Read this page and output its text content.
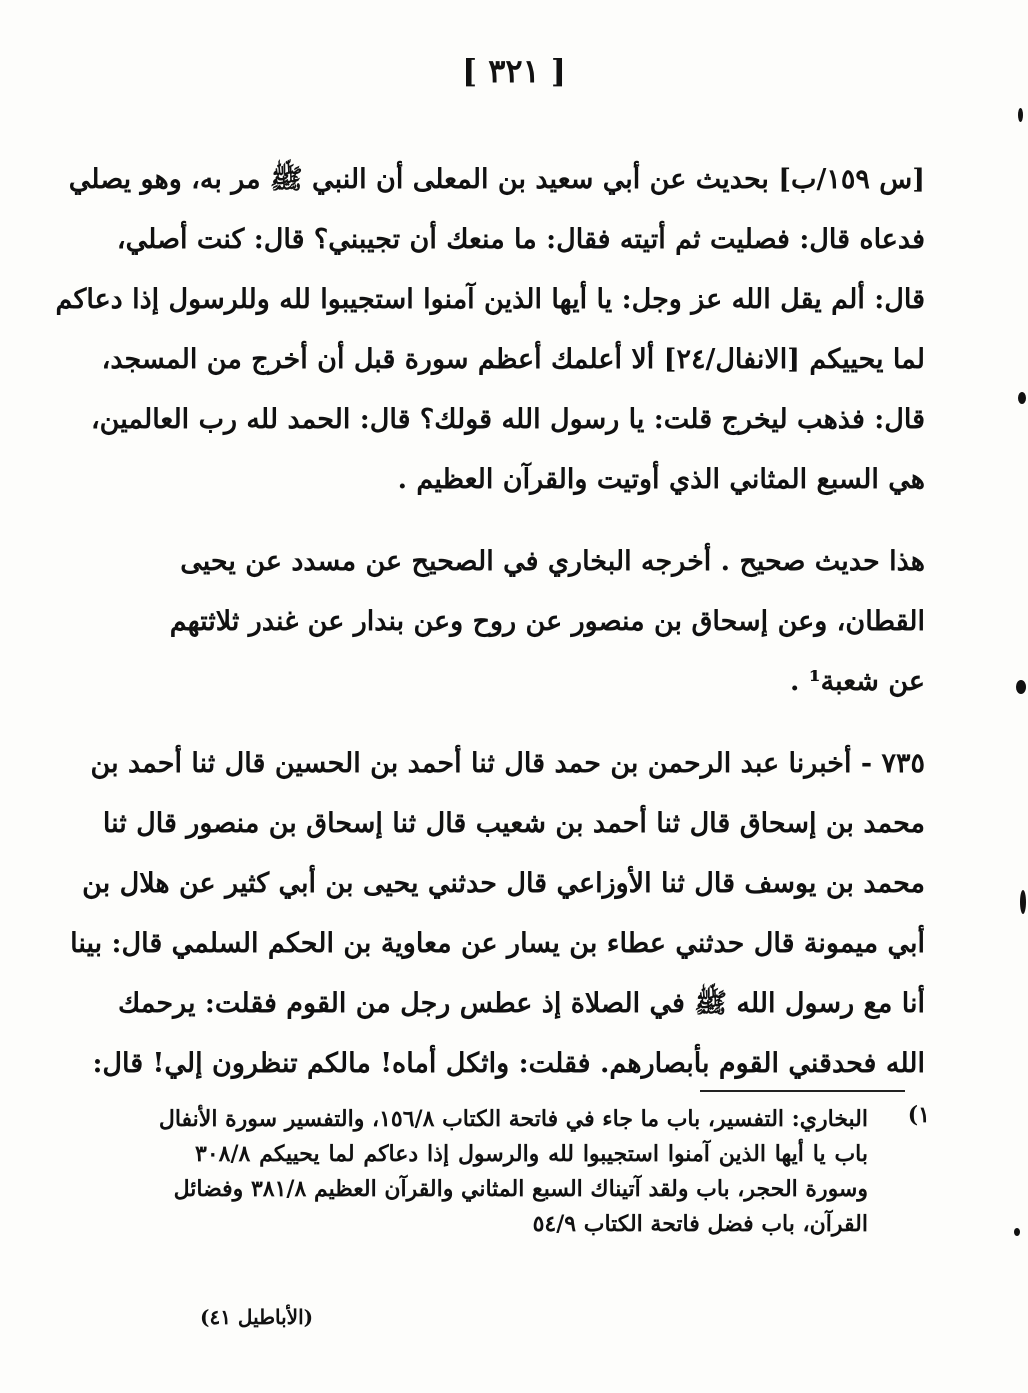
[ ٣٢١ ]
[س ١٥٩/ب] بحديث عن أبي سعيد بن المعلى أن النبي ﷺ مر به، وهو يصلي
فدعاه قال: فصليت ثم أتيته فقال: ما منعك أن تجيبني؟ قال: كنت أصلي،
قال: ألم يقل الله عز وجل: يا أيها الذين آمنوا استجيبوا لله وللرسول إذا دعاكم
لما يحييكم [الانفال/٢٤] ألا أعلمك أعظم سورة قبل أن أخرج من المسجد،
قال: فذهب ليخرج قلت: يا رسول الله قولك؟ قال: الحمد لله رب العالمين،
هي السبع المثاني الذي أوتيت والقرآن العظيم .
هذا حديث صحيح . أخرجه البخاري في الصحيح عن مسدد عن يحيى
القطان، وعن إسحاق بن منصور عن روح وعن بندار عن غندر ثلاثتهم
عن شعبة¹ .
٧٣٥ - أخبرنا عبد الرحمن بن حمد قال ثنا أحمد بن الحسين قال ثنا أحمد بن
محمد بن إسحاق قال ثنا أحمد بن شعيب قال ثنا إسحاق بن منصور قال ثنا
محمد بن يوسف قال ثنا الأوزاعي قال حدثني يحيى بن أبي كثير عن هلال بن
أبي ميمونة قال حدثني عطاء بن يسار عن معاوية بن الحكم السلمي قال: بينا
أنا مع رسول الله ﷺ في الصلاة إذ عطس رجل من القوم فقلت: يرحمك
الله فحدقني القوم بأبصارهم. فقلت: واثكل أماه! مالكم تنظرون إلي! قال:
١)
البخاري: التفسير، باب ما جاء في فاتحة الكتاب ١٥٦/٨، والتفسير سورة الأنفال
باب يا أيها الذين آمنوا استجيبوا لله والرسول إذا دعاكم لما يحييكم ٣٠٨/٨
وسورة الحجر، باب ولقد آتيناك السبع المثاني والقرآن العظيم ٣٨١/٨ وفضائل
القرآن، باب فضل فاتحة الكتاب ٥٤/٩
(الأباطيل ٤١)
